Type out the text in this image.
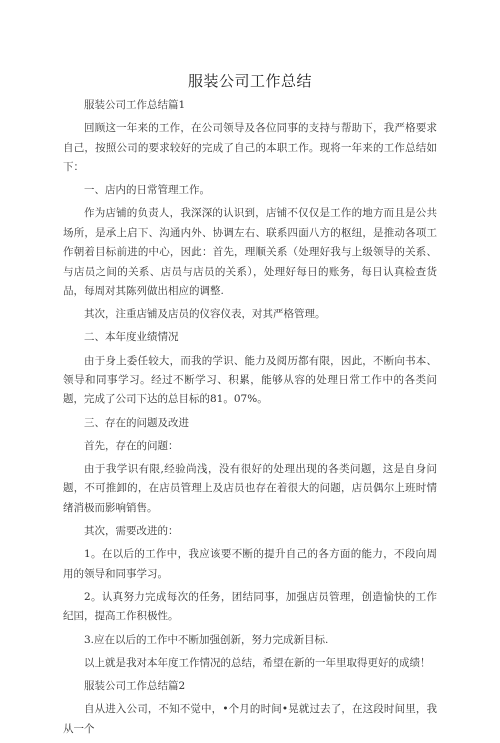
服装公司工作总结

服装公司工作总结篇1

回顾这一年来的工作，在公司领导及各位同事的支持与帮助下，我严格要求自己，按照公司的要求较好的完成了自己的本职工作。现将一年来的工作总结如下：

一、店内的日常管理工作。

作为店铺的负责人，我深深的认识到，店铺不仅仅是工作的地方而且是公共场所，是承上启下、沟通内外、协调左右、联系四面八方的枢纽，是推动各项工作朝着目标前进的中心，因此：首先，理顺关系（处理好我与上级领导的关系、与店员之间的关系、店员与店员的关系），处理好每日的账务，每日认真检查货品，每周对其陈列做出相应的调整.

其次，注重店铺及店员的仪容仪表，对其严格管理。

二、本年度业绩情况

由于身上委任较大，而我的学识、能力及阅历都有限，因此，不断向书本、领导和同事学习。经过不断学习、积累，能够从容的处理日常工作中的各类问题，完成了公司下达的总目标的81。07%。

三、存在的问题及改进

首先，存在的问题：

由于我学识有限,经验尚浅，没有很好的处理出现的各类问题，这是自身问题，不可推卸的，在店员管理上及店员也存在着很大的问题，店员偶尔上班时情绪消极而影响销售。

其次，需要改进的：

1。在以后的工作中，我应该要不断的提升自己的各方面的能力，不段向周用的领导和同事学习。

2。认真努力完成每次的任务，团结同事，加强店员管理，创造愉快的工作纪囯，提高工作积极性。

3.应在以后的工作中不断加强创新，努力完成新目标.

以上就是我对本年度工作情况的总结，希望在新的一年里取得更好的成绩！

服装公司工作总结篇2

自从进入公司，不知不觉中，•个月的时间•晃就过去了，在这段时间里，我从一个
